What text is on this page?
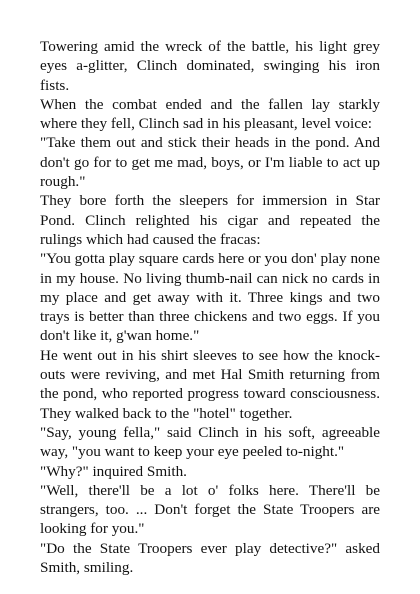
Towering amid the wreck of the battle, his light grey eyes a-glitter, Clinch dominated, swinging his iron fists.

When the combat ended and the fallen lay starkly where they fell, Clinch sad in his pleasant, level voice:

"Take them out and stick their heads in the pond. And don't go for to get me mad, boys, or I'm liable to act up rough."

They bore forth the sleepers for immersion in Star Pond. Clinch relighted his cigar and repeated the rulings which had caused the fracas:

"You gotta play square cards here or you don' play none in my house. No living thumb-nail can nick no cards in my place and get away with it. Three kings and two trays is better than three chickens and two eggs. If you don't like it, g'wan home."

He went out in his shirt sleeves to see how the knock-outs were reviving, and met Hal Smith returning from the pond, who reported progress toward consciousness. They walked back to the "hotel" together.

"Say, young fella," said Clinch in his soft, agreeable way, "you want to keep your eye peeled to-night."

"Why?" inquired Smith.

"Well, there'll be a lot o' folks here. There'll be strangers, too. ... Don't forget the State Troopers are looking for you."

"Do the State Troopers ever play detective?" asked Smith, smiling.
